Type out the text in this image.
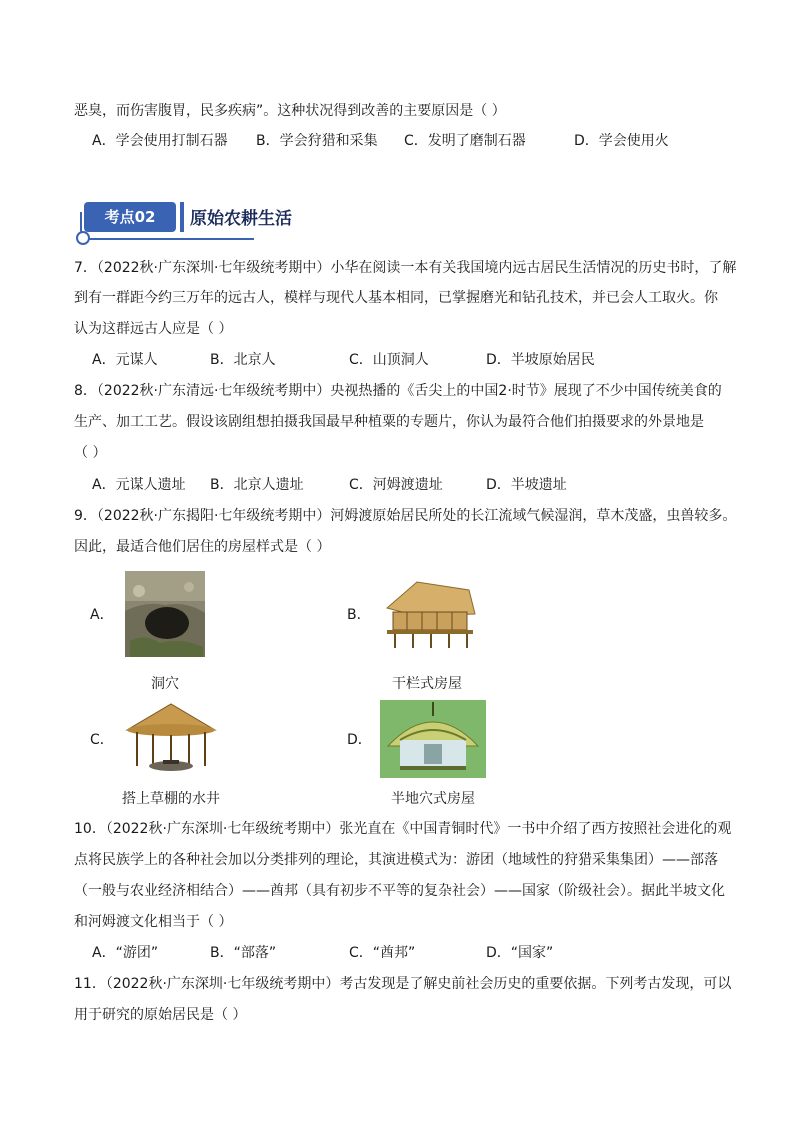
恶臭，而伤害腹胃，民多疾病”。这种状况得到改善的主要原因是（ ）
A．学会使用打制石器 B．学会狩猎和采集 C．发明了磨制石器	D．学会使用火
考点02	原始农耕生活
7．（2022秋·广东深圳·七年级统考期中）小华在阅读一本有关我国境内远古居民生活情况的历史书时，了解
到有一群距今约三万年的远古人，模样与现代人基本相同，已掌握磨光和钻孔技术，并已会人工取火。你
认为这群远古人应是（ ）
A．元谋人	B．北京人	C．山顶洞人	D．半坡原始居民
8．（2022秋·广东清远·七年级统考期中）央视热播的《舌尖上的中国2·时节》展现了不少中国传统美食的
生产、加工工艺。假设该剧组想拍摄我国最早种植粟的专题片，你认为最符合他们拍摄要求的外景地是
（ ）
A．元谋人遗址 B．北京人遗址	C．河姆渡遗址	D．半坡遗址
9．（2022秋·广东揭阳·七年级统考期中）河姆渡原始居民所处的长江流域气候湿润，草木茂盛，虫兽较多。
因此，最适合他们居住的房屋样式是（ ）
A．
洞穴
B．
干栏式房屋
C．
搭上草棚的水井
D．
半地穴式房屋
10．（2022秋·广东深圳·七年级统考期中）张光直在《中国青铜时代》一书中介绍了西方按照社会进化的观
点将民族学上的各种社会加以分类排列的理论，其演进模式为：游团（地域性的狩猎采集集团）——部落
（一般与农业经济相结合）——酋邦（具有初步不平等的复杂社会）——国家（阶级社会）。据此半坡文化
和河姆渡文化相当于（ ）
A．“游团”	B．“部落”	C．“酋邦”	D．“国家”
11．（2022秋·广东深圳·七年级统考期中）考古发现是了解史前社会历史的重要依据。下列考古发现，可以
用于研究的原始居民是（ ）
